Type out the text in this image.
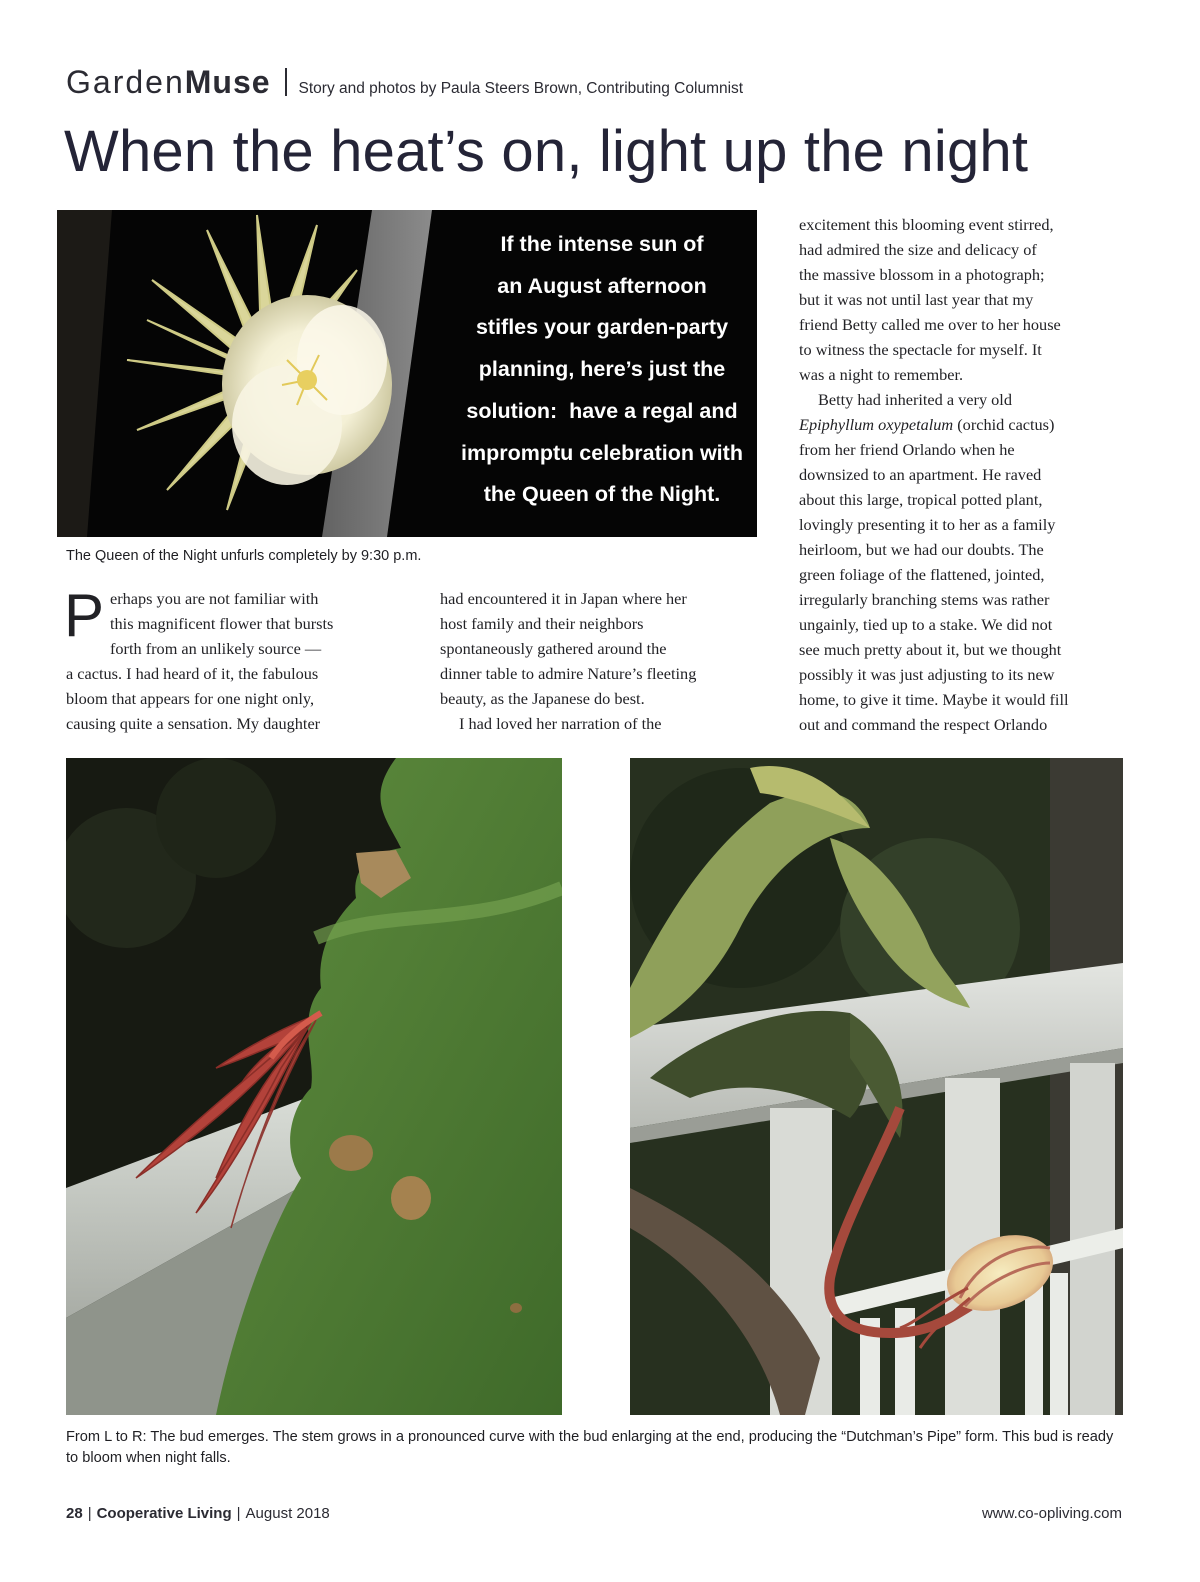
Garden Muse Story and photos by Paula Steers Brown, Contributing Columnist
When the heat’s on, light up the night
If the intense sun of
an August afternoon
stifles your garden-party
planning, here’s just the
solution:  have a regal and
impromptu celebration with
the Queen of the Night.
The Queen of the Night unfurls completely by 9:30 p.m.
P erhaps you are not familiar with
this magnificent flower that bursts
forth from an unlikely source —
a cactus. I had heard of it, the fabulous
bloom that appears for one night only,
causing quite a sensation. My daughter
had encountered it in Japan where her
host family and their neighbors
spontaneously gathered around the
dinner table to admire Nature’s fleeting
beauty, as the Japanese do best.
I had loved her narration of the
excitement this blooming event stirred,
had admired the size and delicacy of
the massive blossom in a photograph;
but it was not until last year that my
friend Betty called me over to her house
to witness the spectacle for myself. It
was a night to remember.
Betty had inherited a very old
Epiphyllum oxypetalum (orchid cactus)
from her friend Orlando when he
downsized to an apartment. He raved
about this large, tropical potted plant,
lovingly presenting it to her as a family
heirloom, but we had our doubts. The
green foliage of the flattened, jointed,
irregularly branching stems was rather
ungainly, tied up to a stake. We did not
see much pretty about it, but we thought
possibly it was just adjusting to its new
home, to give it time. Maybe it would fill
out and command the respect Orlando
From L to R: The bud emerges. The stem grows in a pronounced curve with the bud enlarging at the end, producing the “Dutchman’s Pipe” form. This bud is ready to bloom when night falls.
28 | Cooperative Living | August 2018	www.co-opliving.com
